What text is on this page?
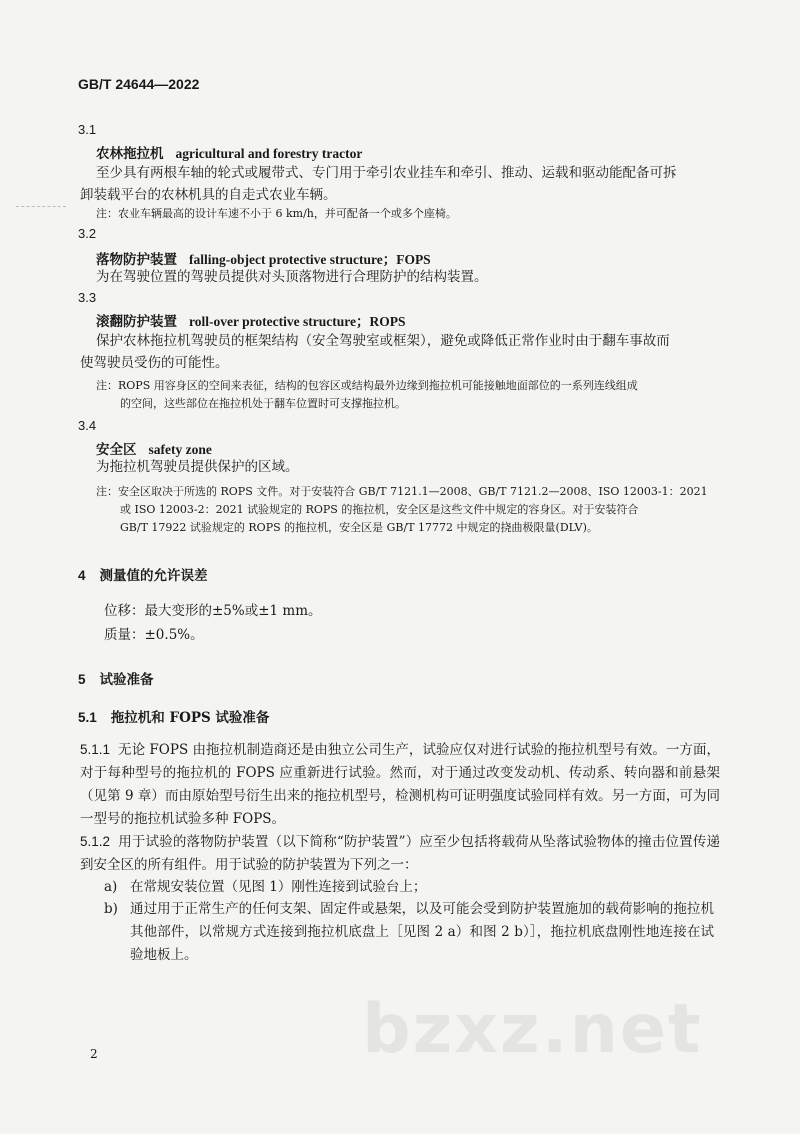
GB/T 24644—2022
3.1
农林拖拉机 agricultural and forestry tractor
至少具有两根车轴的轮式或履带式、专门用于牵引农业挂车和牵引、推动、运载和驱动能配备可拆
卸装载平台的农林机具的自走式农业车辆。
注：农业车辆最高的设计车速不小于 6 km/h，并可配备一个或多个座椅。
3.2
落物防护装置 falling-object protective structure；FOPS
为在驾驶位置的驾驶员提供对头顶落物进行合理防护的结构装置。
3.3
滚翻防护装置 roll-over protective structure；ROPS
保护农林拖拉机驾驶员的框架结构（安全驾驶室或框架），避免或降低正常作业时由于翻车事故而
使驾驶员受伤的可能性。
注：ROPS 用容身区的空间来表征，结构的包容区或结构最外边缘到拖拉机可能接触地面部位的一系列连线组成
的空间，这些部位在拖拉机处于翻车位置时可支撑拖拉机。
3.4
安全区 safety zone
为拖拉机驾驶员提供保护的区域。
注：安全区取决于所选的 ROPS 文件。对于安装符合 GB/T 7121.1—2008、GB/T 7121.2—2008、ISO 12003-1：2021
或 ISO 12003-2：2021 试验规定的 ROPS 的拖拉机，安全区是这些文件中规定的容身区。对于安装符合
GB/T 17922 试验规定的 ROPS 的拖拉机，安全区是 GB/T 17772 中规定的挠曲极限量(DLV)。
4 测量值的允许误差
位移：最大变形的±5%或±1 mm。
质量：±0.5%。
5 试验准备
5.1 拖拉机和 FOPS 试验准备
5.1.1 无论 FOPS 由拖拉机制造商还是由独立公司生产，试验应仅对进行试验的拖拉机型号有效。一方面，对于每种型号的拖拉机的 FOPS 应重新进行试验。然而，对于通过改变发动机、传动系、转向器和前悬架（见第 9 章）而由原始型号衍生出来的拖拉机型号，检测机构可证明强度试验同样有效。另一方面，可为同一型号的拖拉机试验多种 FOPS。
5.1.2 用于试验的落物防护装置（以下简称“防护装置”）应至少包括将载荷从坠落试验物体的撞击位置传递到安全区的所有组件。用于试验的防护装置为下列之一：
a) 在常规安装位置（见图 1）刚性连接到试验台上；
b) 通过用于正常生产的任何支架、固定件或悬架，以及可能会受到防护装置施加的载荷影响的拖拉机其他部件，以常规方式连接到拖拉机底盘上［见图 2 a）和图 2 b）］，拖拉机底盘刚性地连接在试验地板上。
bzxz.net
2
